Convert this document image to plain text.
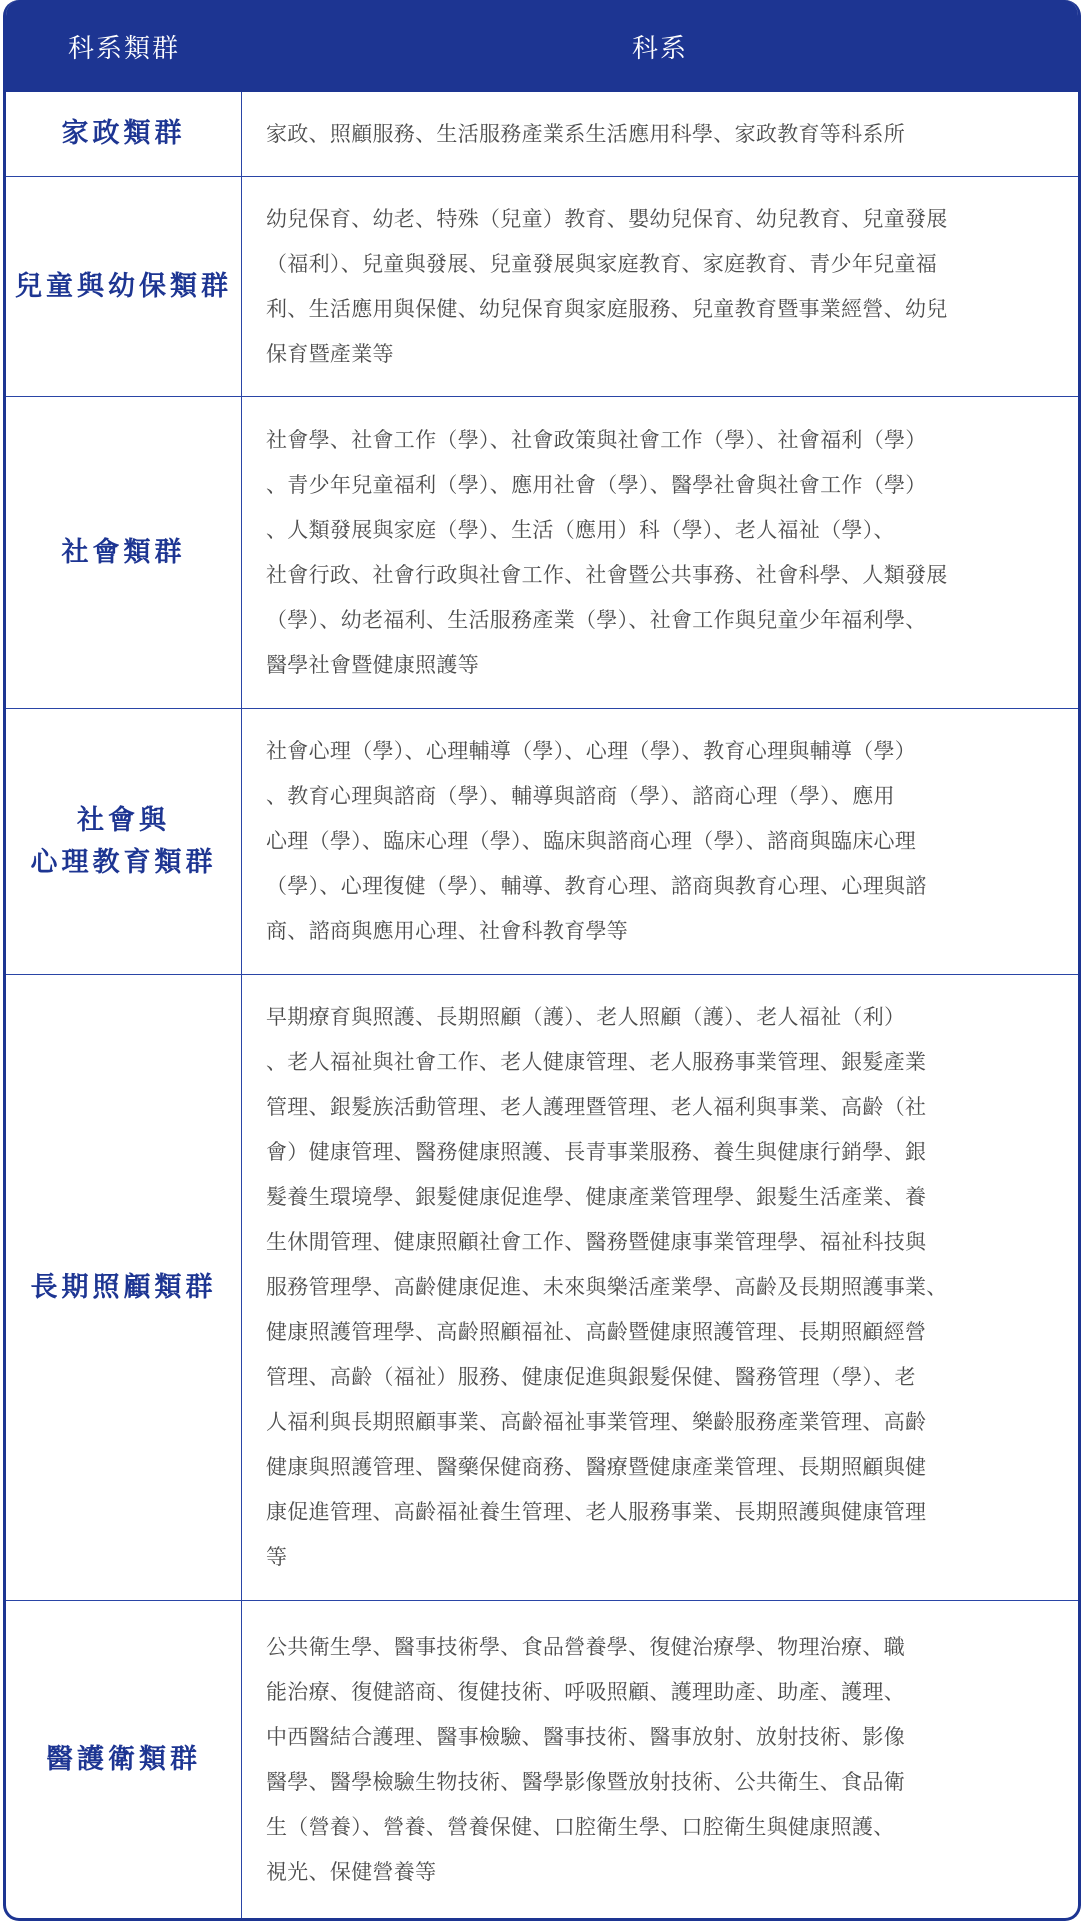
科系類群	科系
家政類群	家政、照顧服務、生活服務產業系生活應用科學、家政教育等科系所
兒童與幼保類群
幼兒保育、幼老、特殊（兒童）教育、嬰幼兒保育、幼兒教育、兒童發展
（福利）、兒童與發展、兒童發展與家庭教育、家庭教育、青少年兒童福
利、生活應用與保健、幼兒保育與家庭服務、兒童教育暨事業經營、幼兒
保育暨產業等
社會類群
社會學、社會工作（學）、社會政策與社會工作（學）、社會福利（學）
、青少年兒童福利（學）、應用社會（學）、醫學社會與社會工作（學）
、人類發展與家庭（學）、生活（應用）科（學）、老人福祉（學）、
社會行政、社會行政與社會工作、社會暨公共事務、社會科學、人類發展
（學）、幼老福利、生活服務產業（學）、社會工作與兒童少年福利學、
醫學社會暨健康照護等
社會與
心理教育類群
社會心理（學）、心理輔導（學）、心理（學）、教育心理與輔導（學）
、教育心理與諮商（學）、輔導與諮商（學）、諮商心理（學）、應用
心理（學）、臨床心理（學）、臨床與諮商心理（學）、諮商與臨床心理
（學）、心理復健（學）、輔導、教育心理、諮商與教育心理、心理與諮
商、諮商與應用心理、社會科教育學等
長期照顧類群
早期療育與照護、長期照顧（護）、老人照顧（護）、老人福祉（利）
、老人福祉與社會工作、老人健康管理、老人服務事業管理、銀髮產業
管理、銀髮族活動管理、老人護理暨管理、老人福利與事業、高齡（社
會）健康管理、醫務健康照護、長青事業服務、養生與健康行銷學、銀
髮養生環境學、銀髮健康促進學、健康產業管理學、銀髮生活產業、養
生休閒管理、健康照顧社會工作、醫務暨健康事業管理學、福祉科技與
服務管理學、高齡健康促進、未來與樂活產業學、高齡及長期照護事業、
健康照護管理學、高齡照顧福祉、高齡暨健康照護管理、長期照顧經營
管理、高齡（福祉）服務、健康促進與銀髮保健、醫務管理（學）、老
人福利與長期照顧事業、高齡福祉事業管理、樂齡服務產業管理、高齡
健康與照護管理、醫藥保健商務、醫療暨健康產業管理、長期照顧與健
康促進管理、高齡福祉養生管理、老人服務事業、長期照護與健康管理
等
醫護衛類群
公共衛生學、醫事技術學、食品營養學、復健治療學、物理治療、職
能治療、復健諮商、復健技術、呼吸照顧、護理助產、助產、護理、
中西醫結合護理、醫事檢驗、醫事技術、醫事放射、放射技術、影像
醫學、醫學檢驗生物技術、醫學影像暨放射技術、公共衛生、食品衛
生（營養）、營養、營養保健、口腔衛生學、口腔衛生與健康照護、
視光、保健營養等
